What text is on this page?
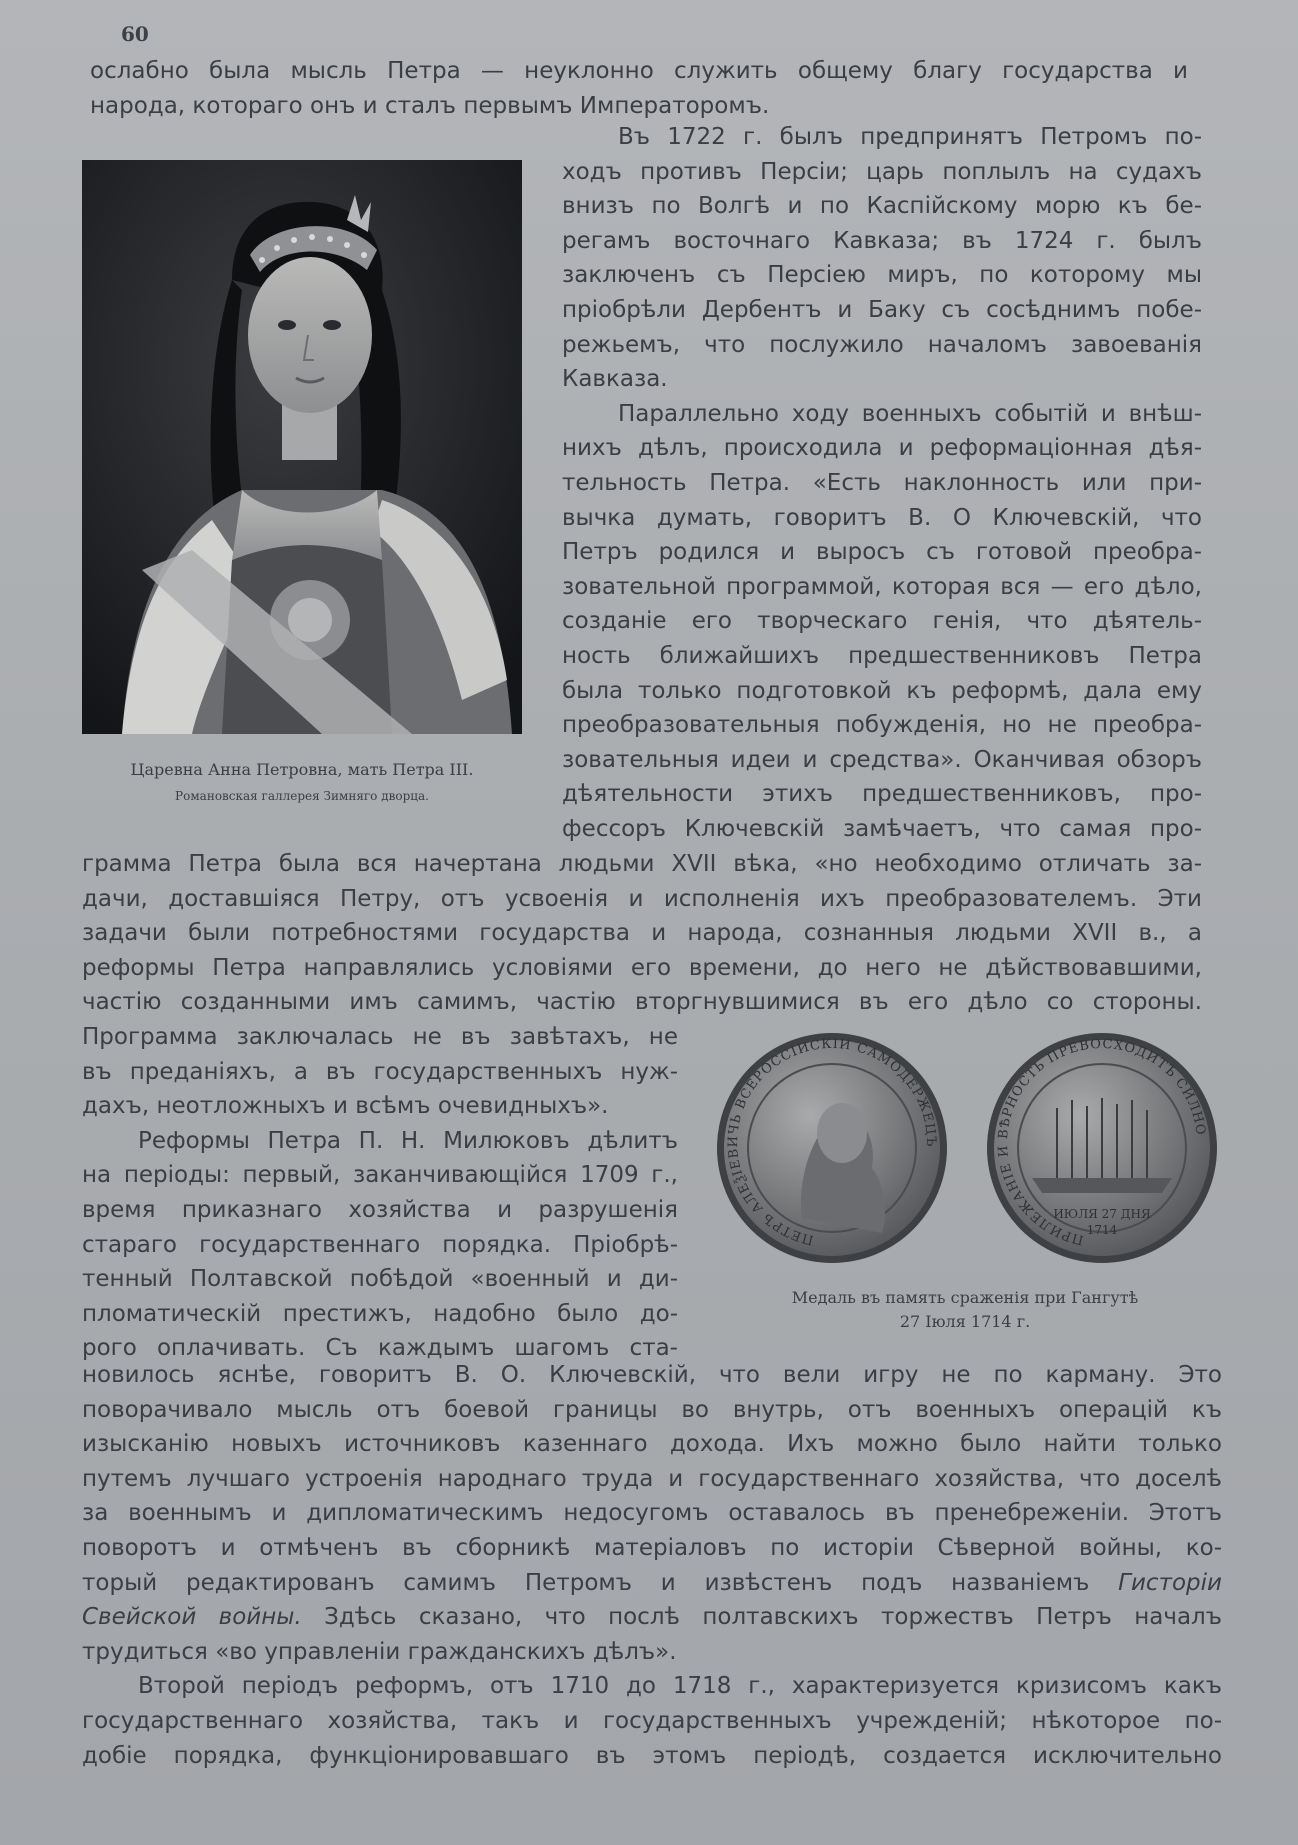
60
ослабно была мысль Петра — неуклонно служить общему благу государства и
народа, котораго онъ и сталъ первымъ Императоромъ.
Царевна Анна Петровна, мать Петра III.
Романовская галлерея Зимняго дворца.
Въ 1722 г. былъ предпринятъ Петромъ по-
ходъ противъ Персіи; царь поплылъ на судахъ
внизъ по Волгѣ и по Каспійскому морю къ бе-
регамъ восточнаго Кавказа; въ 1724 г. былъ
заключенъ съ Персіею миръ, по которому мы
пріобрѣли Дербентъ и Баку съ сосѣднимъ побе-
режьемъ, что послужило началомъ завоеванія
Кавказа.
Параллельно ходу военныхъ событій и внѣш-
нихъ дѣлъ, происходила и реформаціонная дѣя-
тельность Петра. «Есть наклонность или при-
вычка думать, говоритъ В. О Ключевскій, что
Петръ родился и выросъ съ готовой преобра-
зовательной программой, которая вся — его дѣло,
созданіе его творческаго генія, что дѣятель-
ность ближайшихъ предшественниковъ Петра
была только подготовкой къ реформѣ, дала ему
преобразовательныя побужденія, но не преобра-
зовательныя идеи и средства». Оканчивая обзоръ
дѣятельности этихъ предшественниковъ, про-
фессоръ Ключевскій замѣчаетъ, что самая про-
грамма Петра была вся начертана людьми XVII вѣка, «но необходимо отличать за-
дачи, доставшіяся Петру, отъ усвоенія и исполненія ихъ преобразователемъ. Эти
задачи были потребностями государства и народа, сознанныя людьми XVII в., а
реформы Петра направлялись условіями его времени, до него не дѣйствовавшими,
частію созданными имъ самимъ, частію вторгнувшимися въ его дѣло со стороны.
Программа заключалась не въ завѣтахъ, не
въ преданіяхъ, а въ государственныхъ нуж-
дахъ, неотложныхъ и всѣмъ очевидныхъ».
Реформы Петра П. Н. Милюковъ дѣлитъ
на періоды: первый, заканчивающійся 1709 г.,
время приказнаго хозяйства и разрушенія
стараго государственнаго порядка. Пріобрѣ-
тенный Полтавской побѣдой «военный и ди-
пломатическій престижъ, надобно было до-
рого оплачивать. Съ каждымъ шагомъ ста-
ПЕТРЪ АЛЕѮІЕВИЧЬ ВСЕРОССІИСКІИ САМОДЕРЖЕЦЪ
ПРИЛЕЖАНІЕ И ВѢРНОСТЬ ПРЕВОСХОДИТЪ СИЛНО
ИЮЛЯ 27 ДНЯ
1714
Медаль въ память сраженія при Гангутѣ
27 Іюля 1714 г.
новилось яснѣе, говоритъ В. О. Ключевскій, что вели игру не по карману. Это
поворачивало мысль отъ боевой границы во внутрь, отъ военныхъ операцій къ
изысканію новыхъ источниковъ казеннаго дохода. Ихъ можно было найти только
путемъ лучшаго устроенія народнаго труда и государственнаго хозяйства, что доселѣ
за военнымъ и дипломатическимъ недосугомъ оставалось въ пренебреженіи. Этотъ
поворотъ и отмѣченъ въ сборникѣ матеріаловъ по исторіи Сѣверной войны, ко-
торый редактированъ самимъ Петромъ и извѣстенъ подъ названіемъ Гисторіи
Свейской войны. Здѣсь сказано, что послѣ полтавскихъ торжествъ Петръ началъ
трудиться «во управленіи гражданскихъ дѣлъ».
Второй періодъ реформъ, отъ 1710 до 1718 г., характеризуется кризисомъ какъ
государственнаго хозяйства, такъ и государственныхъ учрежденій; нѣкоторое по-
добіе порядка, функціонировавшаго въ этомъ періодѣ, создается исключительно
